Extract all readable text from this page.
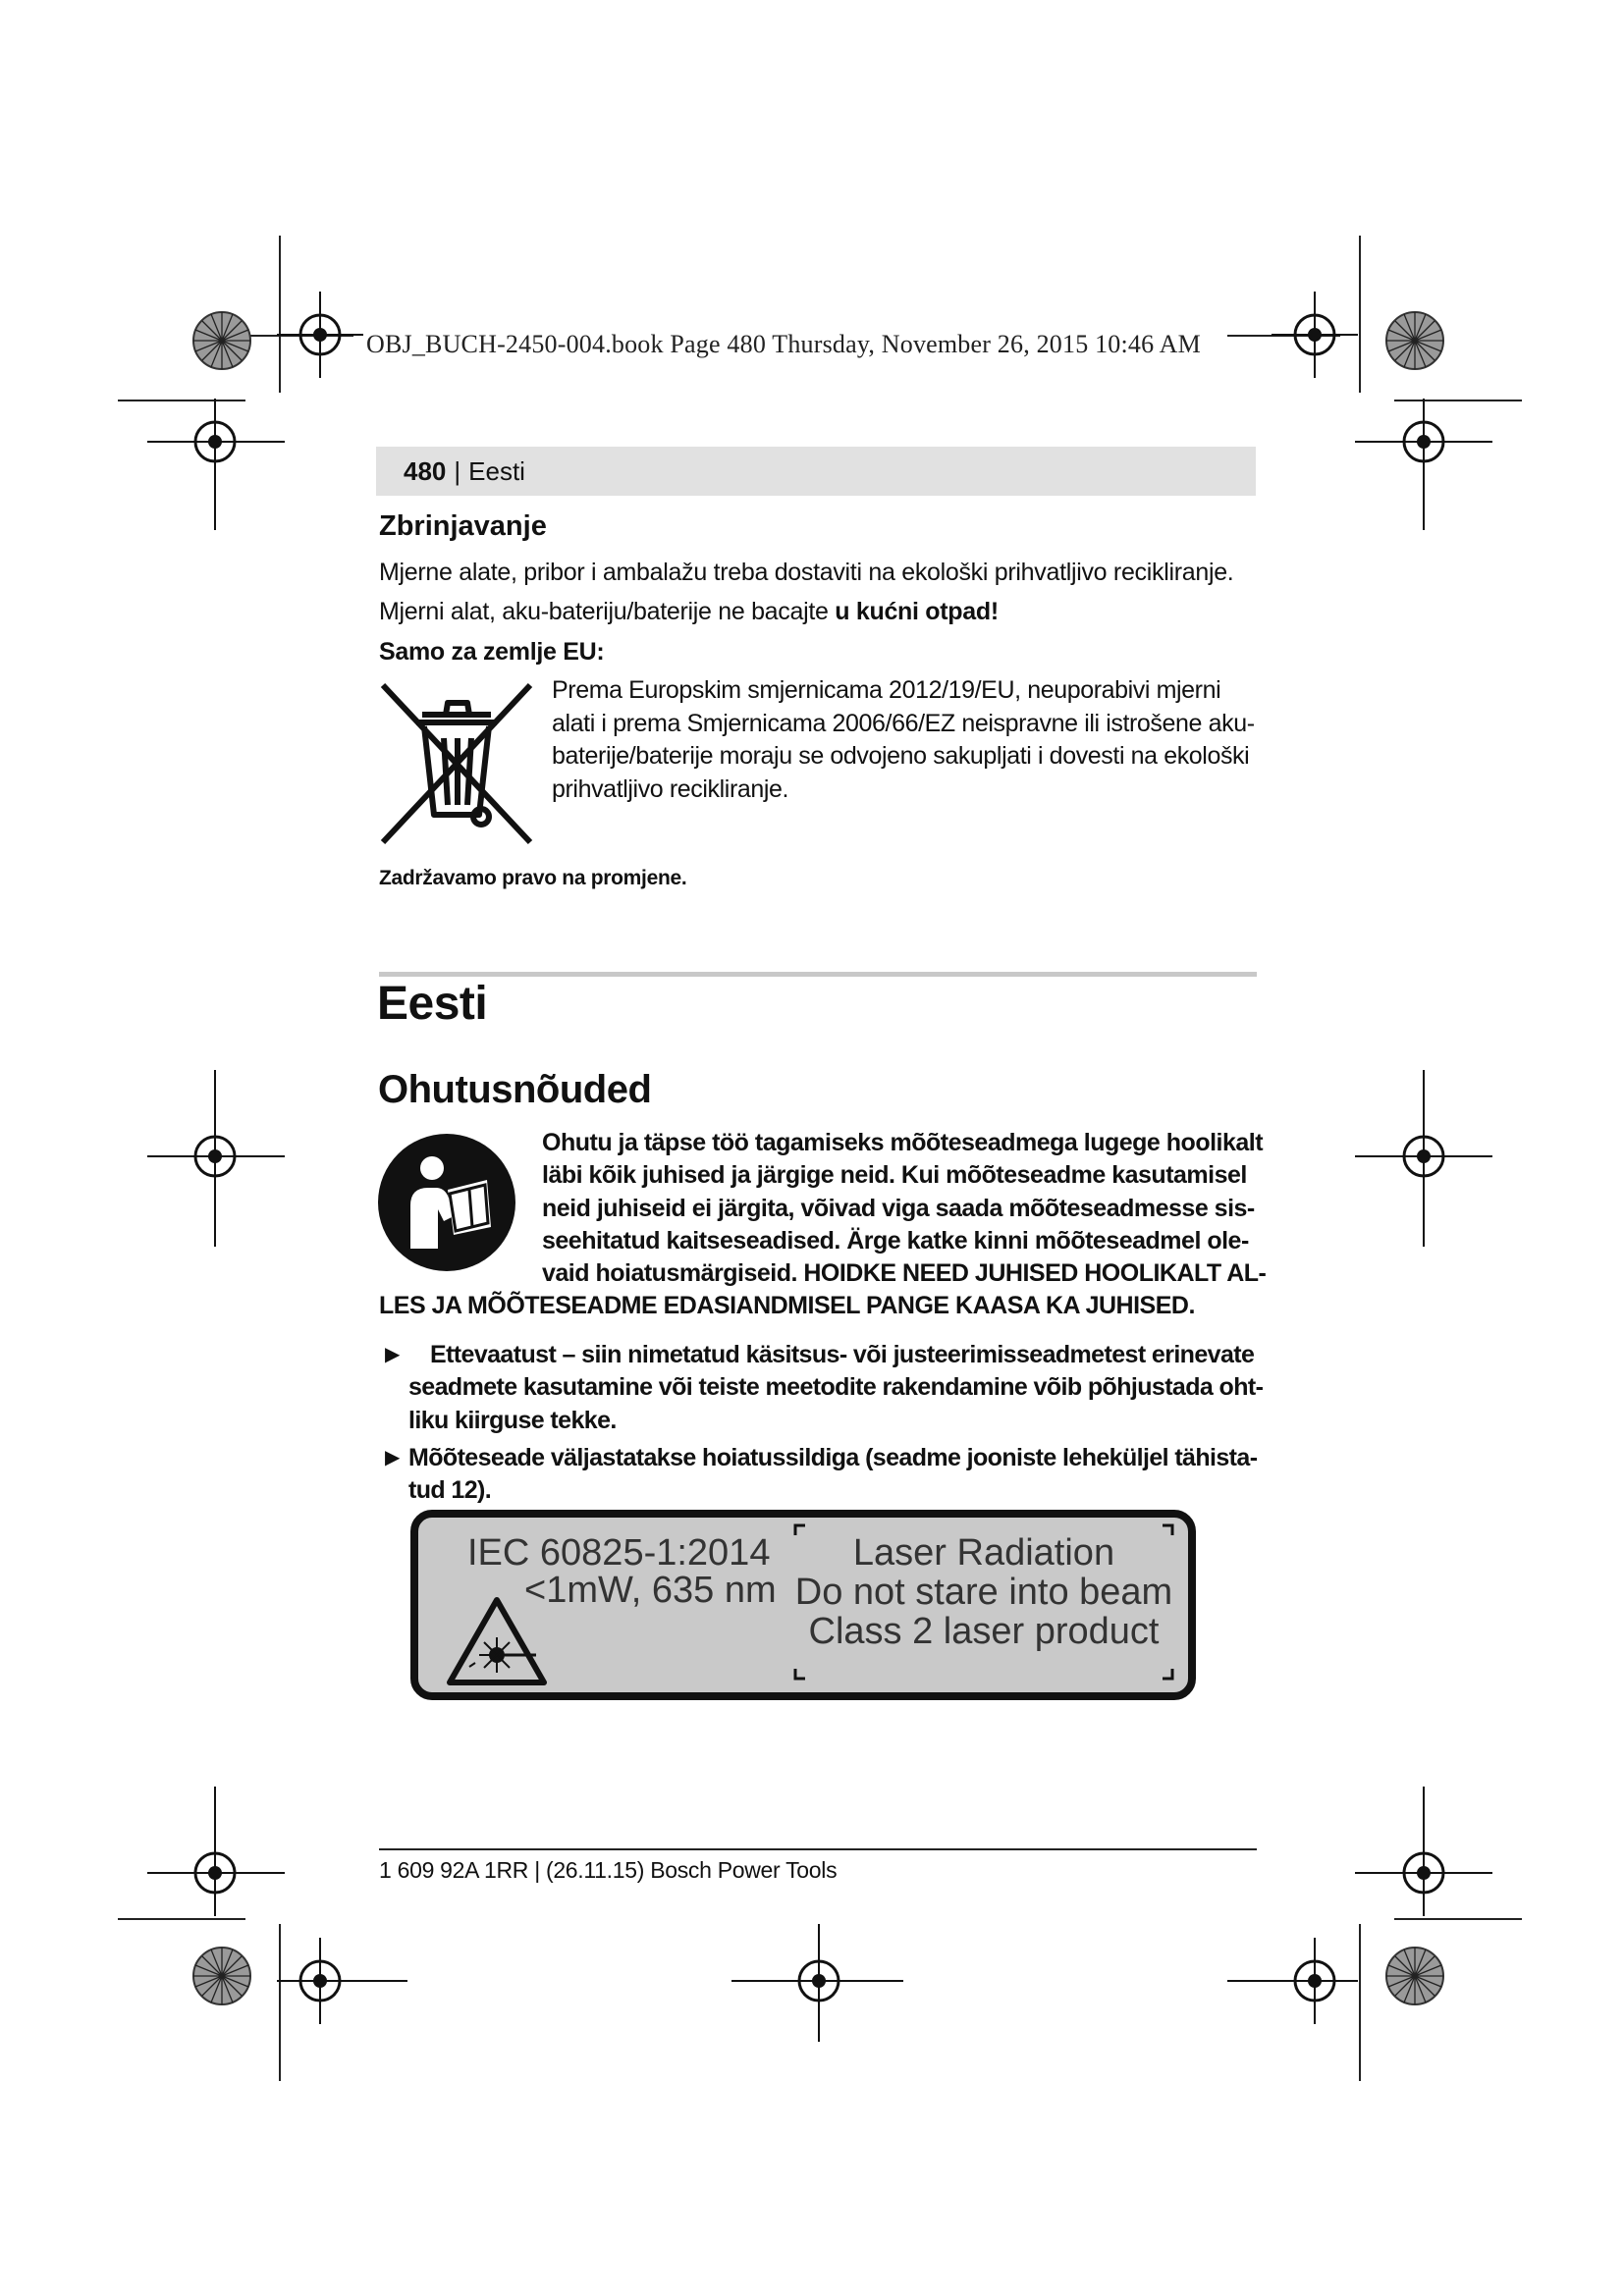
OBJ_BUCH-2450-004.book Page 480 Thursday, November 26, 2015 10:46 AM
480 | Eesti
Zbrinjavanje
Mjerne alate, pribor i ambalažu treba dostaviti na ekološki prihvatljivo recikliranje.
Mjerni alat, aku-bateriju/baterije ne bacajte u kućni otpad!
Samo za zemlje EU:
Prema Europskim smjernicama 2012/19/EU, neuporabivi mjerni
alati i prema Smjernicama 2006/66/EZ neispravne ili istrošene aku-
baterije/baterije moraju se odvojeno sakupljati i dovesti na ekološki
prihvatljivo recikliranje.
Zadržavamo pravo na promjene.
Eesti
Ohutusnõuded
Ohutu ja täpse töö tagamiseks mõõteseadmega lugege hoolikalt
läbi kõik juhised ja järgige neid. Kui mõõteseadme kasutamisel
neid juhiseid ei järgita, võivad viga saada mõõteseadmesse sis-
seehitatud kaitseseadised. Ärge katke kinni mõõteseadmel ole-
vaid hoiatusmärgiseid. HOIDKE NEED JUHISED HOOLIKALT AL-
LES JA MÕÕTESEADME EDASIANDMISEL PANGE KAASA KA JUHISED.
▶	Ettevaatust – siin nimetatud käsitsus- või justeerimisseadmetest erinevate
seadmete kasutamine või teiste meetodite rakendamine võib põhjustada oht-
liku kiirguse tekke.
▶ Mõõteseade väljastatakse hoiatussildiga (seadme jooniste leheküljel tähista-
tud 12).
IEC 60825-1:2014
<1mW, 635 nm
Laser Radiation
Do not stare into beam
Class 2 laser product
1 609 92A 1RR | (26.11.15) Bosch Power Tools
